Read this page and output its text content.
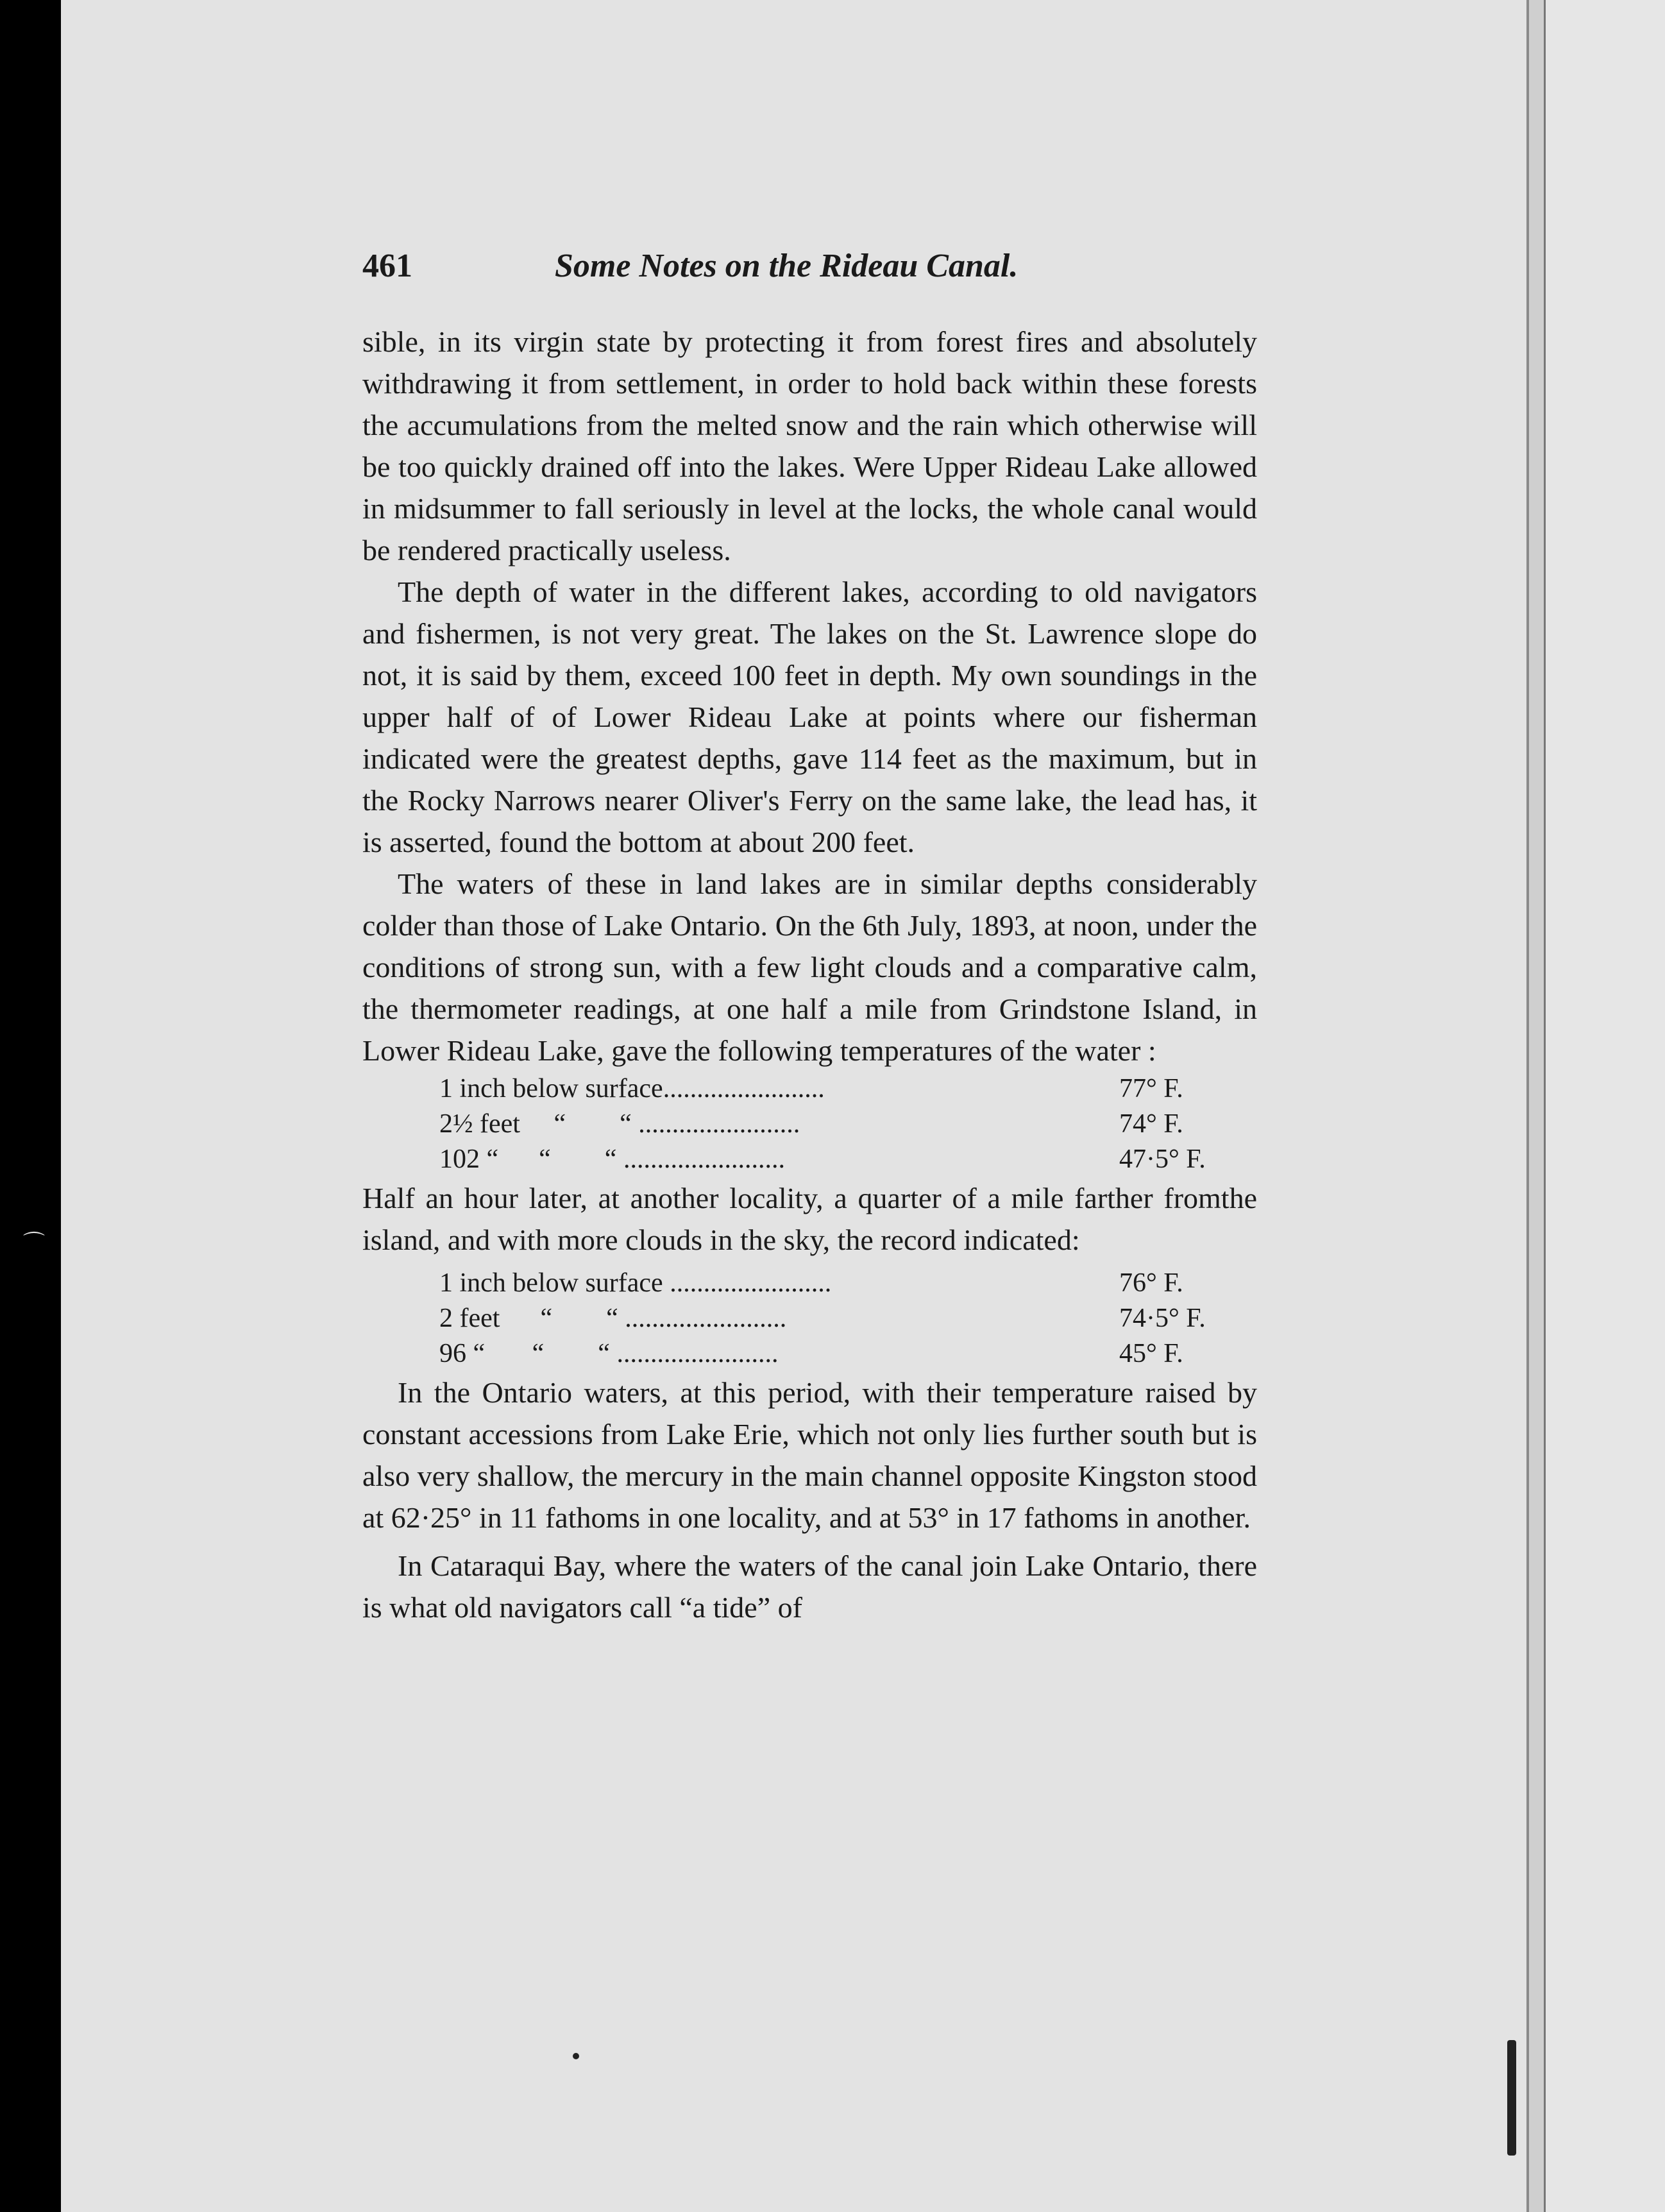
⌒
461	Some Notes on the Rideau Canal.

sible, in its virgin state by protecting it from forest fires and absolutely withdrawing it from settlement, in order to hold back within these forests the accumulations from the melted snow and the rain which otherwise will be too quickly drained off into the lakes. Were Upper Rideau Lake allowed in midsummer to fall seriously in level at the locks, the whole canal would be rendered practically useless.

The depth of water in the different lakes, according to old navigators and fishermen, is not very great. The lakes on the St. Lawrence slope do not, it is said by them, exceed 100 feet in depth. My own soundings in the upper half of of Lower Rideau Lake at points where our fisherman indicated were the greatest depths, gave 114 feet as the maximum, but in the Rocky Narrows nearer Oliver's Ferry on the same lake, the lead has, it is asserted, found the bottom at about 200 feet.

The waters of these in land lakes are in similar depths considerably colder than those of Lake Ontario. On the 6th July, 1893, at noon, under the conditions of strong sun, with a few light clouds and a comparative calm, the thermometer readings, at one half a mile from Grindstone Island, in Lower Rideau Lake, gave the following temperatures of the water :

1 inch below surface........................	77° F.
2½ feet     “        “ ........................	74° F.
102 “      “        “ ........................	47·5° F.

Half an hour later, at another locality, a quarter of a mile farther fromthe island, and with more clouds in the sky, the record indicated:

1 inch below surface ........................	76° F.
2 feet      “        “ ........................	74·5° F.
96 “       “        “ ........................	45° F.

In the Ontario waters, at this period, with their temperature raised by constant accessions from Lake Erie, which not only lies further south but is also very shallow, the mercury in the main channel opposite Kingston stood at 62·25° in 11 fathoms in one locality, and at 53° in 17 fathoms in another.

In Cataraqui Bay, where the waters of the canal join Lake Ontario, there is what old navigators call “a tide” of
